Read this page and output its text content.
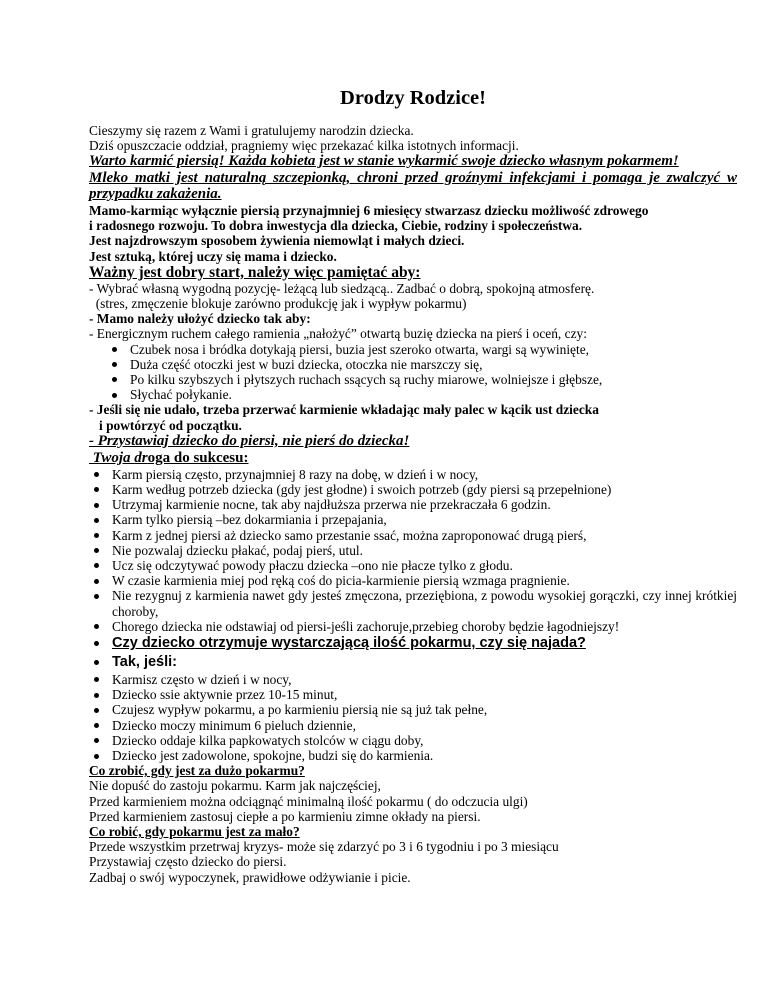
Drodzy Rodzice!

Cieszymy się razem z Wami i gratulujemy narodzin dziecka.

Dziś opuszczacie oddział, pragniemy więc przekazać kilka istotnych informacji.

Warto karmić piersią! Każda kobieta jest w stanie wykarmić swoje dziecko własnym pokarmem!

Mleko matki jest naturalną szczepionką, chroni przed groźnymi infekcjami i pomaga je zwalczyć w przypadku zakażenia.

Mamo-karmiąc wyłącznie piersią przynajmniej 6 miesięcy stwarzasz dziecku możliwość zdrowego

i radosnego rozwoju. To dobra inwestycja dla dziecka, Ciebie, rodziny i społeczeństwa.

Jest najzdrowszym sposobem żywienia niemowląt i małych dzieci.

Jest sztuką, której uczy się mama i dziecko.

Ważny jest dobry start, należy więc pamiętać aby:

- Wybrać własną wygodną pozycję- leżącą lub siedzącą.. Zadbać o dobrą, spokojną atmosferę.

(stres, zmęczenie blokuje zarówno produkcję jak i wypływ pokarmu)

- Mamo należy ułożyć dziecko tak aby:

- Energicznym ruchem całego ramienia „nałożyć” otwartą buzię dziecka na pierś i oceń, czy:

Czubek nosa i bródka dotykają piersi, buzia jest szeroko otwarta, wargi są wywinięte,
Duża część otoczki jest w buzi dziecka, otoczka nie marszczy się,
Po kilku szybszych i płytszych ruchach ssących są ruchy miarowe, wolniejsze i głębsze,
Słychać połykanie.

- Jeśli się nie udało, trzeba przerwać karmienie wkładając mały palec w kącik ust dziecka

i powtórzyć od początku.

- Przystawiaj dziecko do piersi, nie pierś do dziecka!

Twoja droga do sukcesu:

Karm piersią często, przynajmniej 8 razy na dobę, w dzień i w nocy,
Karm według potrzeb dziecka (gdy jest głodne) i swoich potrzeb (gdy piersi są przepełnione)
Utrzymaj karmienie nocne, tak aby najdłuższa przerwa nie przekraczała 6 godzin.
Karm tylko piersią –bez dokarmiania i przepajania,
Karm z jednej piersi aż dziecko samo przestanie ssać, można zaproponować drugą pierś,
Nie pozwalaj dziecku płakać, podaj pierś, utul.
Ucz się odczytywać powody płaczu dziecka –ono nie płacze tylko z głodu.
W czasie karmienia miej pod ręką coś do picia-karmienie piersią wzmaga pragnienie.
Nie rezygnuj z karmienia nawet gdy jesteś zmęczona, przeziębiona, z powodu wysokiej gorączki, czy innej krótkiej choroby,
Chorego dziecka nie odstawiaj od piersi-jeśli zachoruje,przebieg choroby będzie łagodniejszy!
Czy dziecko otrzymuje wystarczającą ilość pokarmu, czy się najada?
Tak, jeśli:
Karmisz często w dzień i w nocy,
Dziecko ssie aktywnie przez 10-15 minut,
Czujesz wypływ pokarmu, a po karmieniu piersią nie są już tak pełne,
Dziecko moczy minimum 6 pieluch dziennie,
Dziecko oddaje kilka papkowatych stolców w ciągu doby,
Dziecko jest zadowolone, spokojne, budzi się do karmienia.

Co zrobić, gdy jest za dużo pokarmu?

Nie dopuść do zastoju pokarmu. Karm jak najczęściej,

Przed karmieniem można odciągnąć minimalną ilość pokarmu ( do odczucia ulgi)

Przed karmieniem zastosuj ciepłe a po karmieniu zimne okłady na piersi.

Co robić, gdy pokarmu jest za mało?

Przede wszystkim przetrwaj kryzys- może się zdarzyć po 3 i 6 tygodniu i po 3 miesiącu

Przystawiaj często dziecko do piersi.

Zadbaj o swój wypoczynek, prawidłowe odżywianie i picie.
